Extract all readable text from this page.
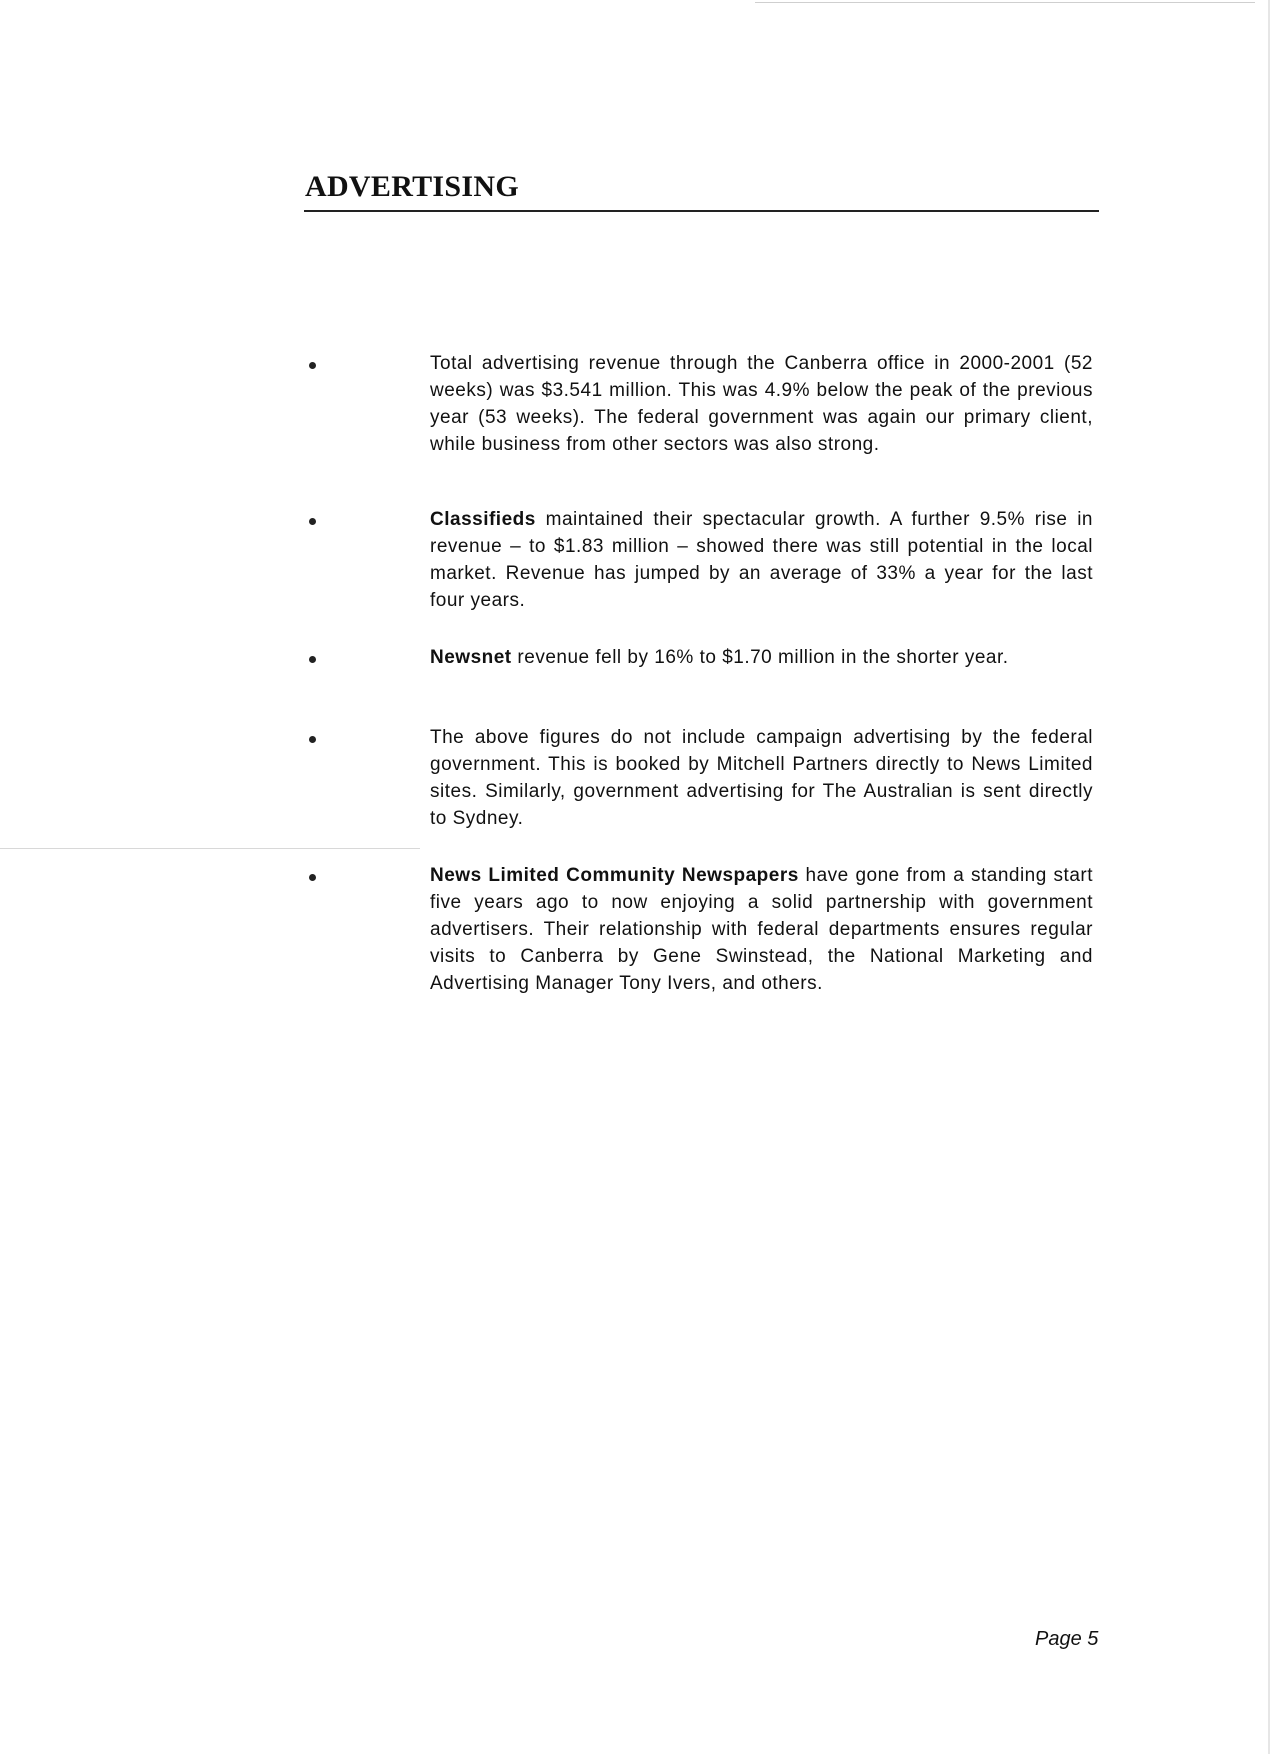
ADVERTISING

Total advertising revenue through the Canberra office in 2000-2001 (52 weeks) was $3.541 million. This was 4.9% below the peak of the previous year (53 weeks). The federal government was again our primary client, while business from other sectors was also strong.

Classifieds maintained their spectacular growth. A further 9.5% rise in revenue – to $1.83 million – showed there was still potential in the local market. Revenue has jumped by an average of 33% a year for the last four years.

Newsnet revenue fell by 16% to $1.70 million in the shorter year.

The above figures do not include campaign advertising by the federal government. This is booked by Mitchell Partners directly to News Limited sites. Similarly, government advertising for The Australian is sent directly to Sydney.

News Limited Community Newspapers have gone from a standing start five years ago to now enjoying a solid partnership with government advertisers. Their relationship with federal departments ensures regular visits to Canberra by Gene Swinstead, the National Marketing and Advertising Manager Tony Ivers, and others.

Page 5
